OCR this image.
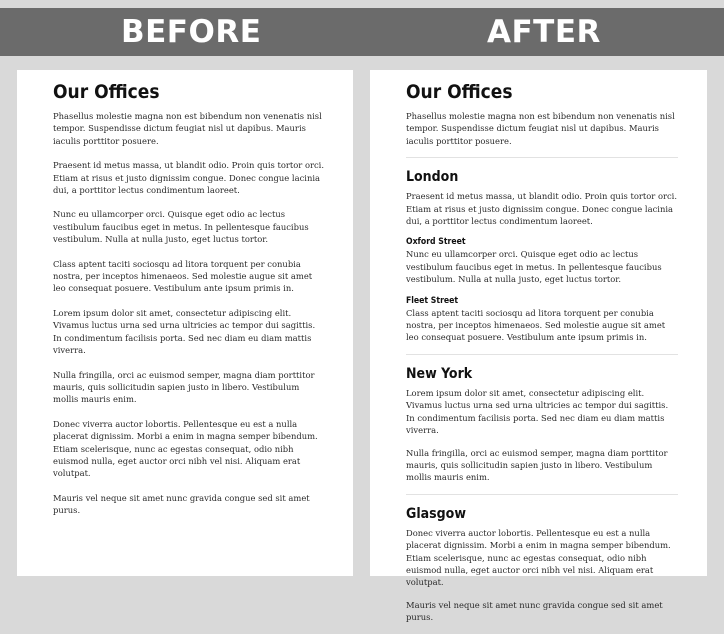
BEFORE	AFTER
Our Offices

Phasellus molestie magna non est bibendum non venenatis nisl tempor. Suspendisse dictum feugiat nisl ut dapibus. Mauris iaculis porttitor posuere.

Praesent id metus massa, ut blandit odio. Proin quis tortor orci. Etiam at risus et justo dignissim congue. Donec congue lacinia dui, a porttitor lectus condimentum laoreet.

Nunc eu ullamcorper orci. Quisque eget odio ac lectus vestibulum faucibus eget in metus. In pellentesque faucibus vestibulum. Nulla at nulla justo, eget luctus tortor.

Class aptent taciti sociosqu ad litora torquent per conubia nostra, per inceptos himenaeos. Sed molestie augue sit amet leo consequat posuere. Vestibulum ante ipsum primis in.

Lorem ipsum dolor sit amet, consectetur adipiscing elit. Vivamus luctus urna sed urna ultricies ac tempor dui sagittis. In condimentum facilisis porta. Sed nec diam eu diam mattis viverra.

Nulla fringilla, orci ac euismod semper, magna diam porttitor mauris, quis sollicitudin sapien justo in libero. Vestibulum mollis mauris enim.

Donec viverra auctor lobortis. Pellentesque eu est a nulla placerat dignissim. Morbi a enim in magna semper bibendum. Etiam scelerisque, nunc ac egestas consequat, odio nibh euismod nulla, eget auctor orci nibh vel nisi. Aliquam erat volutpat.

Mauris vel neque sit amet nunc gravida congue sed sit amet purus.

Our Offices

Phasellus molestie magna non est bibendum non venenatis nisl tempor. Suspendisse dictum feugiat nisl ut dapibus. Mauris iaculis porttitor posuere.

London

Praesent id metus massa, ut blandit odio. Proin quis tortor orci. Etiam at risus et justo dignissim congue. Donec congue lacinia dui, a porttitor lectus condimentum laoreet.

Oxford Street

Nunc eu ullamcorper orci. Quisque eget odio ac lectus vestibulum faucibus eget in metus. In pellentesque faucibus vestibulum. Nulla at nulla justo, eget luctus tortor.

Fleet Street

Class aptent taciti sociosqu ad litora torquent per conubia nostra, per inceptos himenaeos. Sed molestie augue sit amet leo consequat posuere. Vestibulum ante ipsum primis in.

New York

Lorem ipsum dolor sit amet, consectetur adipiscing elit. Vivamus luctus urna sed urna ultricies ac tempor dui sagittis. In condimentum facilisis porta. Sed nec diam eu diam mattis viverra.

Nulla fringilla, orci ac euismod semper, magna diam porttitor mauris, quis sollicitudin sapien justo in libero. Vestibulum mollis mauris enim.

Glasgow

Donec viverra auctor lobortis. Pellentesque eu est a nulla placerat dignissim. Morbi a enim in magna semper bibendum. Etiam scelerisque, nunc ac egestas consequat, odio nibh euismod nulla, eget auctor orci nibh vel nisi. Aliquam erat volutpat.

Mauris vel neque sit amet nunc gravida congue sed sit amet purus.
